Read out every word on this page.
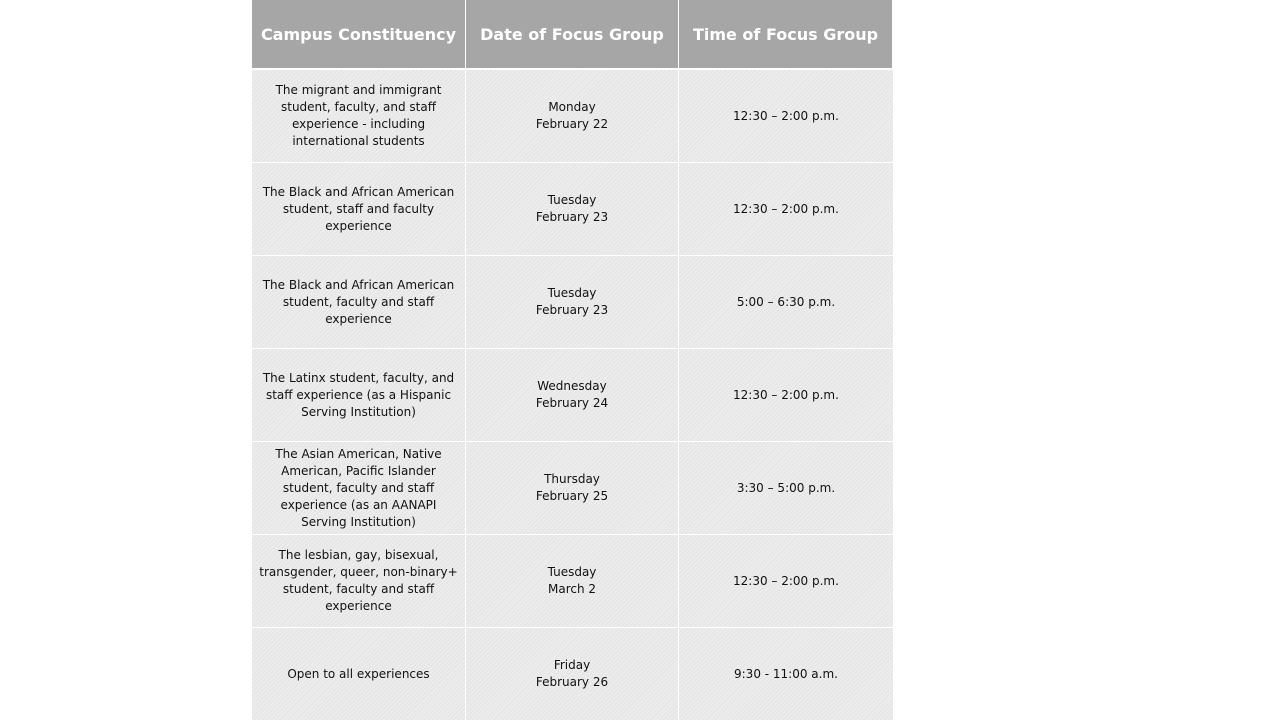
Campus Constituency	Date of Focus Group	Time of Focus Group
The migrant and immigrant student, faculty, and staff experience - including international students
Monday
February 22
12:30 – 2:00 p.m.
The Black and African American student, staff and faculty experience
Tuesday
February 23
12:30 – 2:00 p.m.
The Black and African American student, faculty and staff experience
Tuesday
February 23
5:00 – 6:30 p.m.
The Latinx student, faculty, and staff experience (as a Hispanic Serving Institution)
Wednesday
February 24
12:30 – 2:00 p.m.
The Asian American, Native American, Pacific Islander student, faculty and staff experience (as an AANAPI Serving Institution)
Thursday
February 25
3:30 – 5:00 p.m.
The lesbian, gay, bisexual, transgender, queer, non-binary+ student, faculty and staff experience
Tuesday
March 2
12:30 – 2:00 p.m.
Open to all experiences
Friday
February 26
9:30 - 11:00 a.m.
